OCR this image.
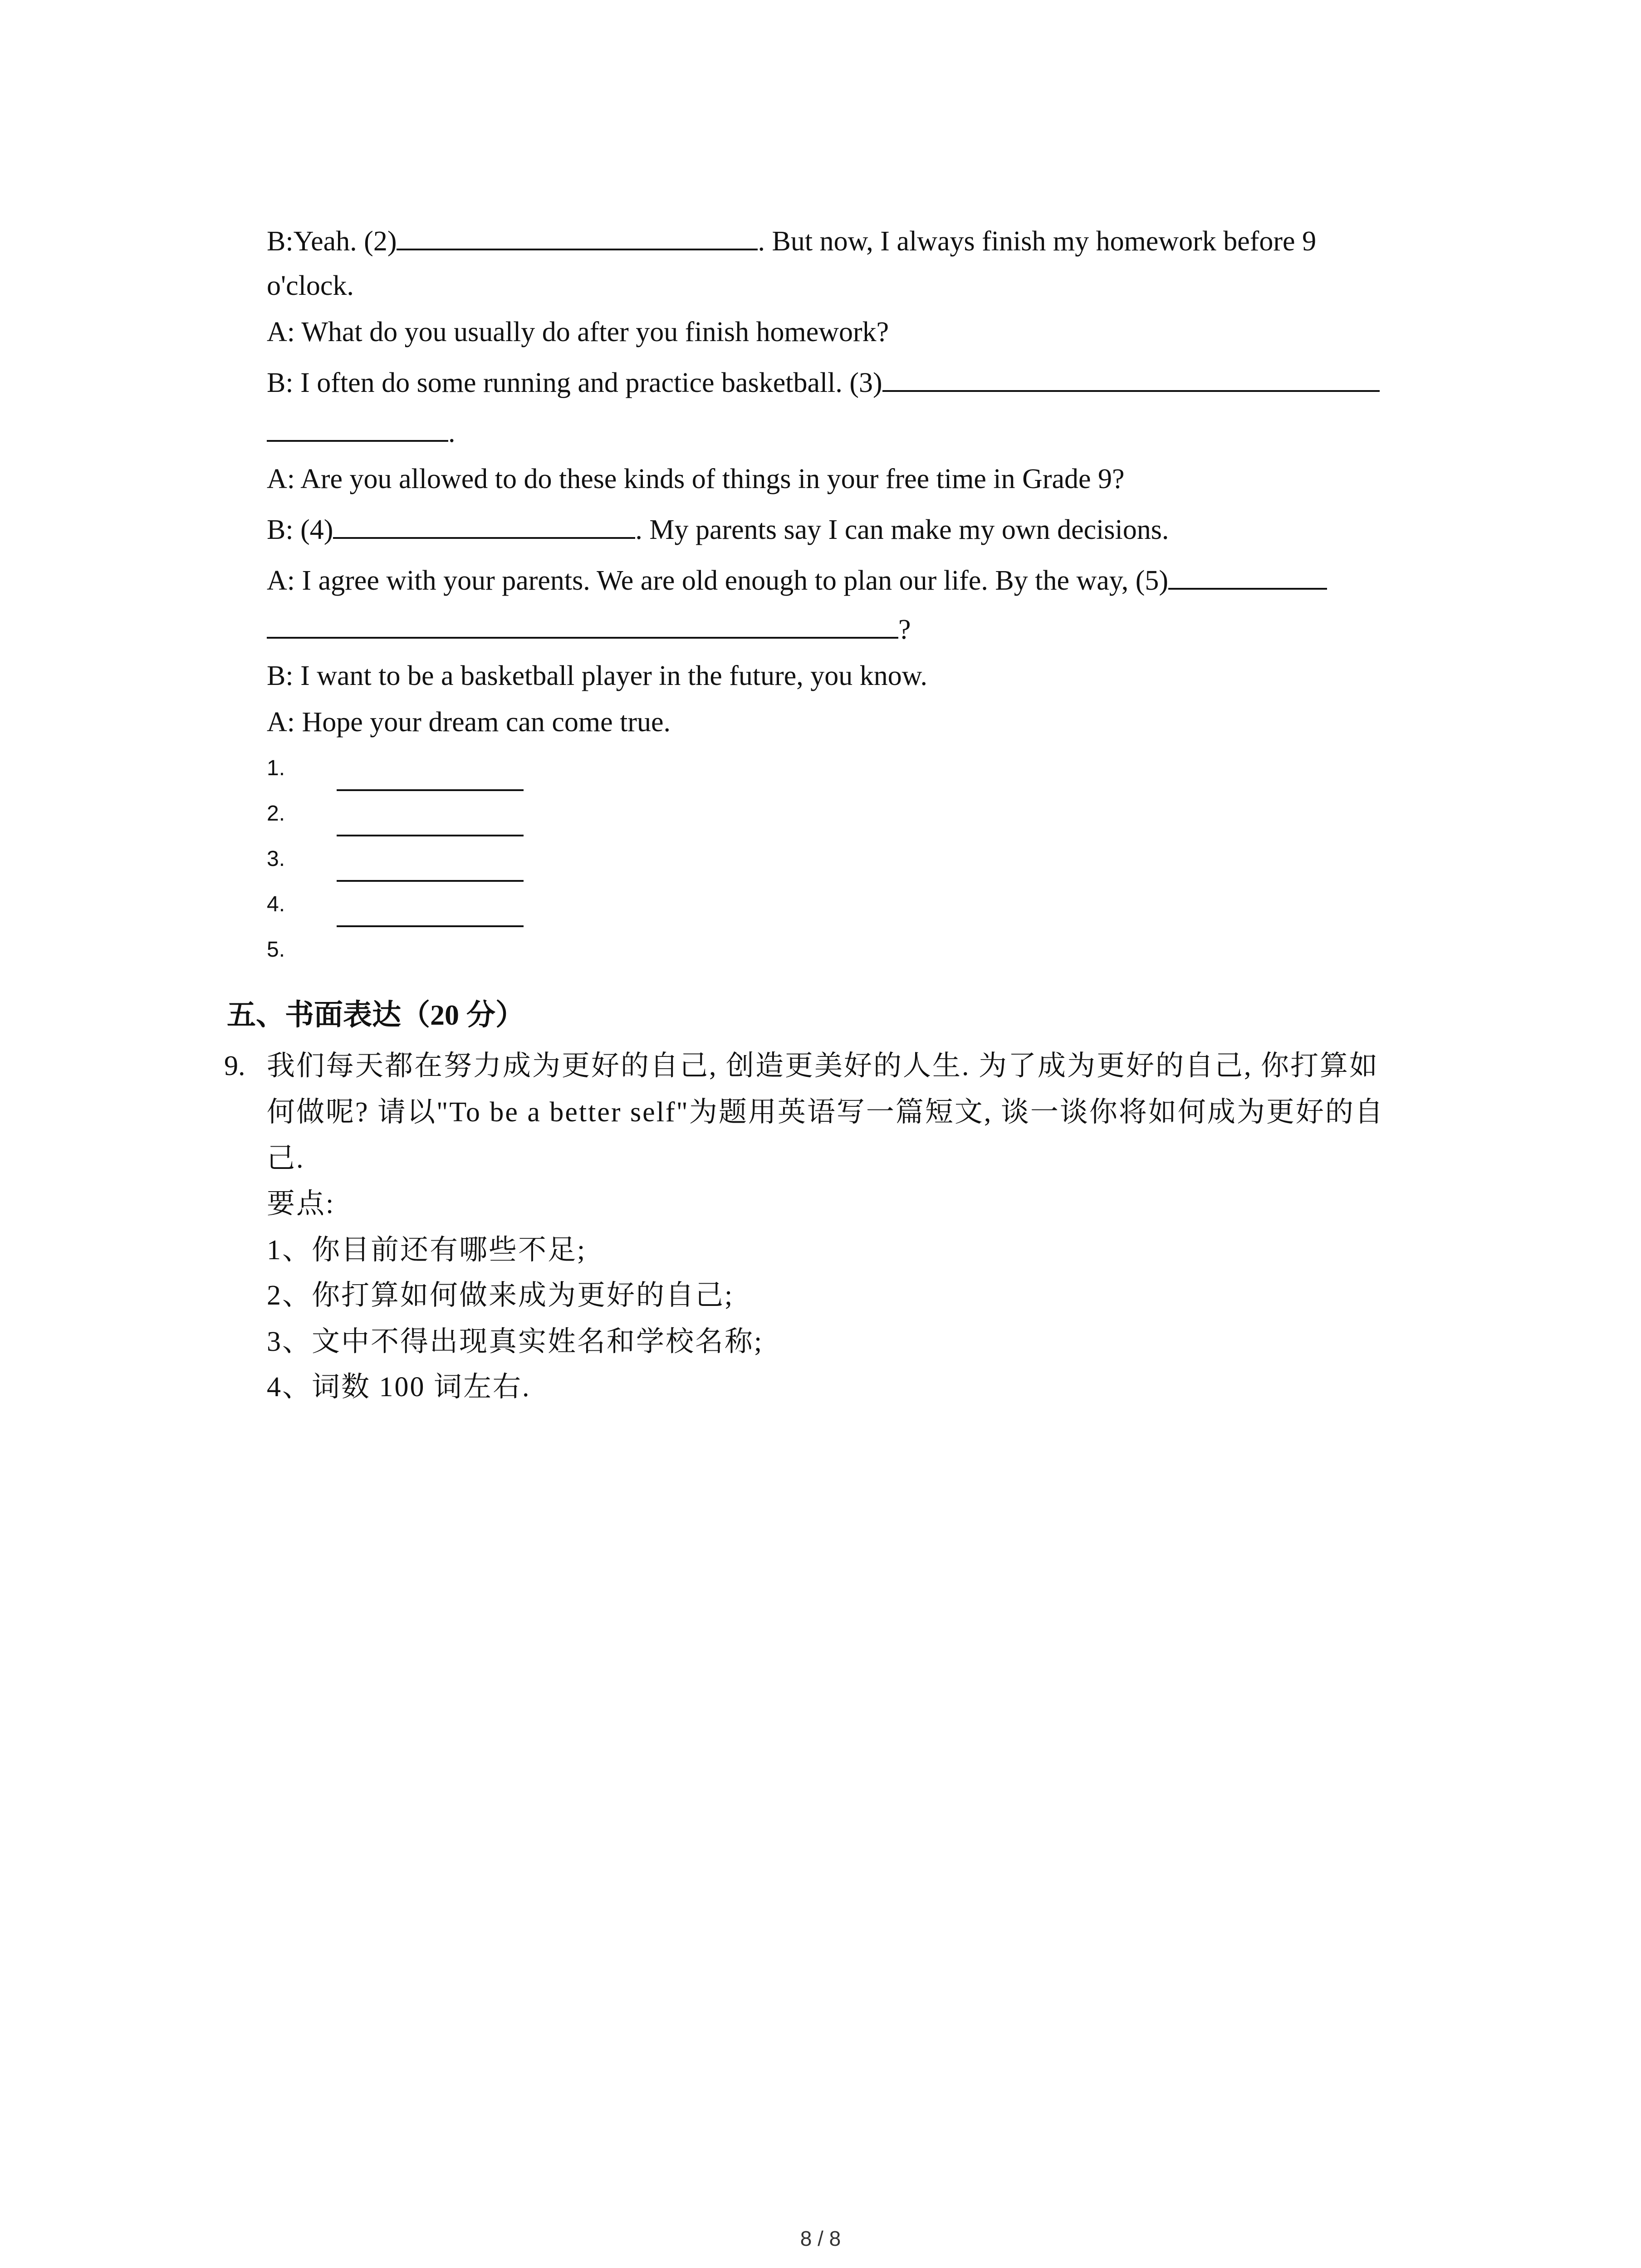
B:Yeah. (2)	. But now, I always finish my homework before 9
o'clock.
A: What do you usually do after you finish homework?
B: I often do some running and practice basketball. (3)
.
A: Are you allowed to do these kinds of things in your free time in Grade 9?
B: (4)	. My parents say I can make my own decisions.
A: I agree with your parents. We are old enough to plan our life. By the way, (5)
?
B: I want to be a basketball player in the future, you know.
A: Hope your dream can come true.
1.
2.
3.
4.
5.
五、书面表达（20 分）
9. 我们每天都在努力成为更好的自己, 创造更美好的人生. 为了成为更好的自己, 你打算如
何做呢? 请以"To be a better self"为题用英语写一篇短文, 谈一谈你将如何成为更好的自
己.
要点:
1、你目前还有哪些不足;
2、你打算如何做来成为更好的自己;
3、文中不得出现真实姓名和学校名称;
4、词数 100 词左右.
8 / 8
